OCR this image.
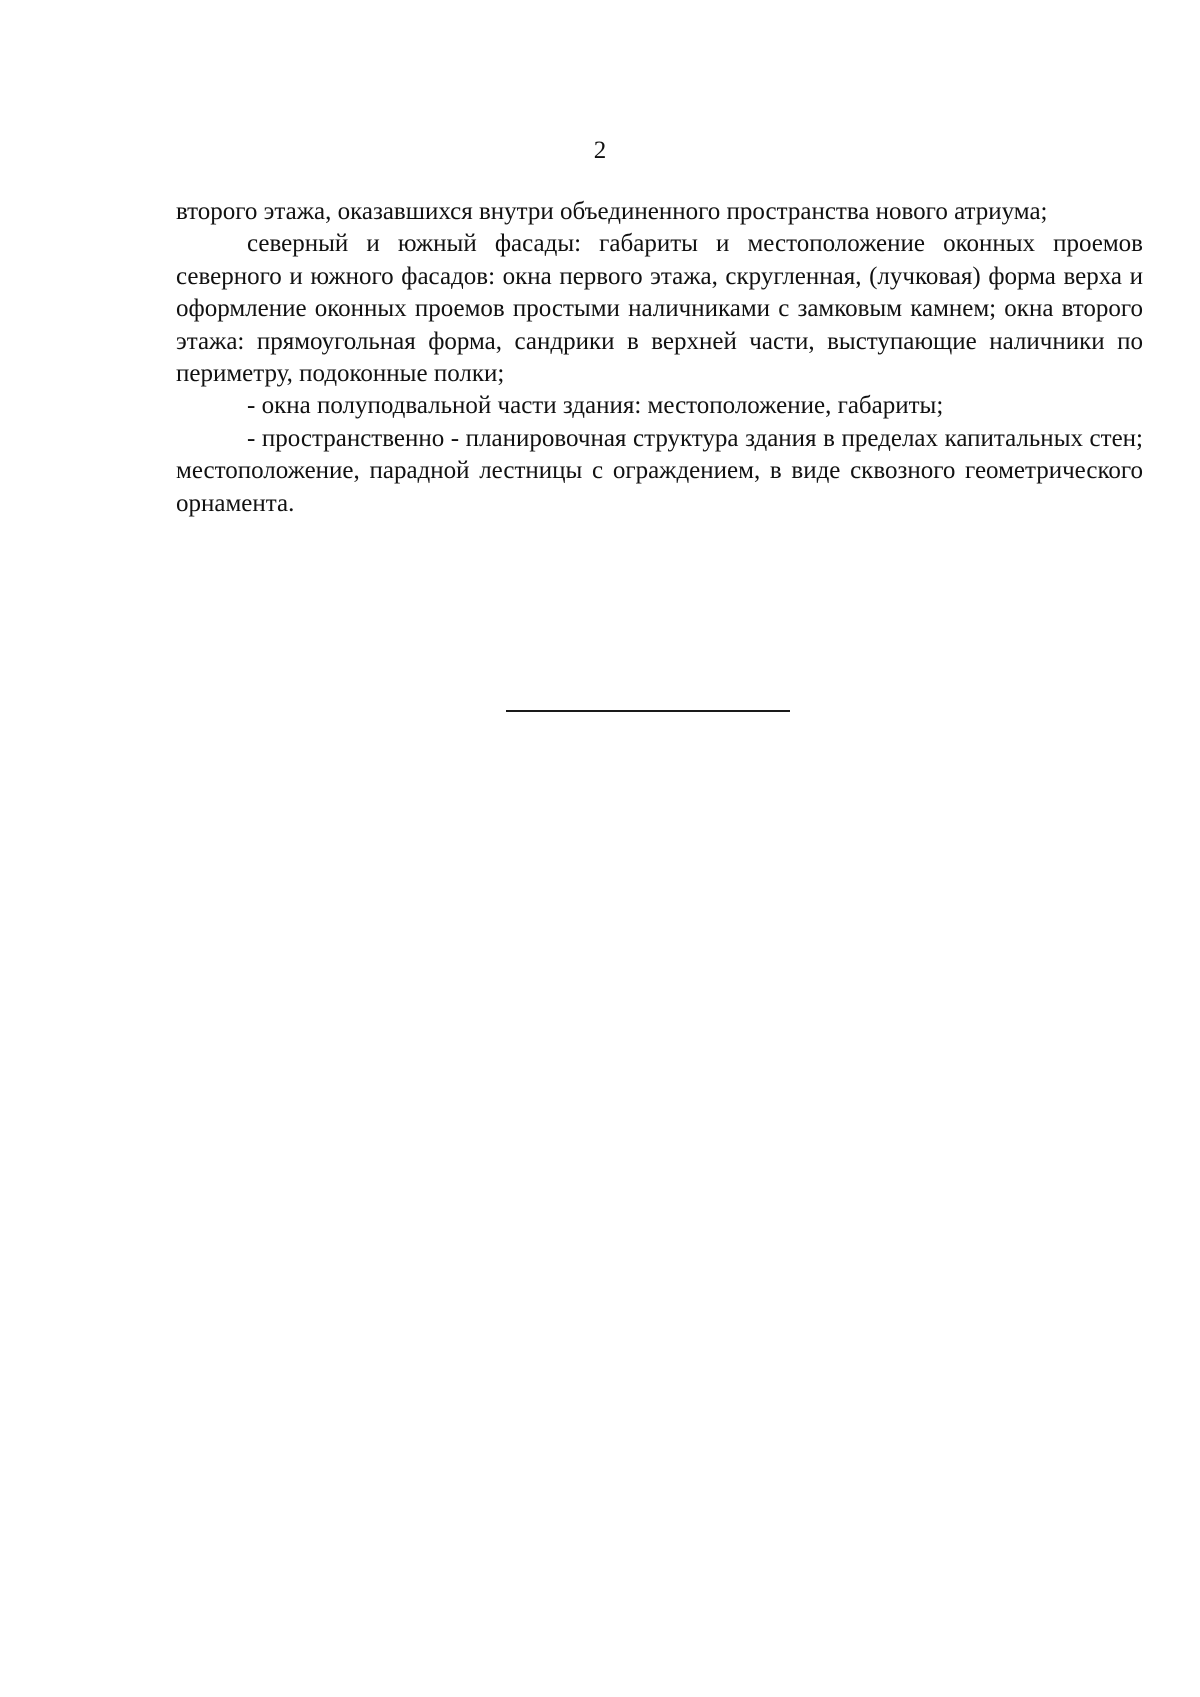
2

второго этажа, оказавшихся внутри объединенного пространства нового атриума;

северный и южный фасады: габариты и местоположение оконных проемов северного и южного фасадов: окна первого этажа, скругленная, (лучковая) форма верха и оформление оконных проемов простыми наличниками с замковым камнем; окна второго этажа: прямоугольная форма, сандрики в верхней части, выступающие наличники по периметру, подоконные полки;

- окна полуподвальной части здания: местоположение, габариты;

- пространственно - планировочная структура здания в пределах капитальных стен; местоположение, парадной лестницы с ограждением, в виде сквозного геометрического орнамента.
